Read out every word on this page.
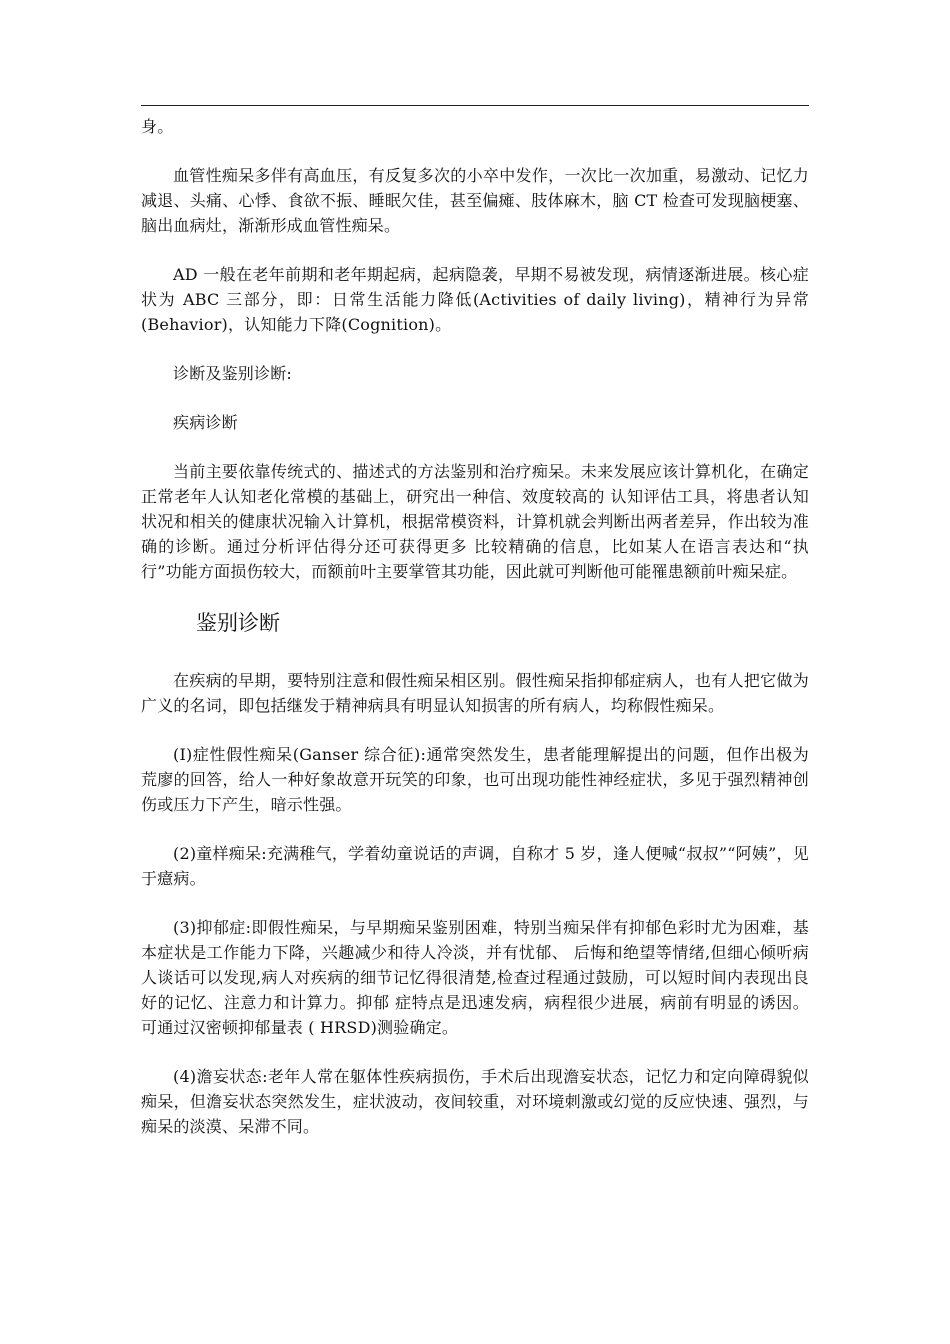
身。

血管性痴呆多伴有高血压，有反复多次的小卒中发作，一次比一次加重，易激动、记忆力减退、头痛、心悸、食欲不振、睡眠欠佳，甚至偏瘫、肢体麻木，脑 CT 检查可发现脑梗塞、脑出血病灶，渐渐形成血管性痴呆。

AD 一般在老年前期和老年期起病，起病隐袭，早期不易被发现，病情逐渐进展。核心症状为 ABC 三部分，即：日常生活能力降低(Activities of daily living)，精神行为异常(Behavior)，认知能力下降(Cognition)。

诊断及鉴别诊断:

疾病诊断

当前主要依靠传统式的、描述式的方法鉴别和治疗痴呆。未来发展应该计算机化，在确定正常老年人认知老化常模的基础上，研究出一种信、效度较高的 认知评估工具，将患者认知状况和相关的健康状况输入计算机，根据常模资料，计算机就会判断出两者差异，作出较为准确的诊断。通过分析评估得分还可获得更多 比较精确的信息，比如某人在语言表达和“执行”功能方面损伤较大，而额前叶主要掌管其功能，因此就可判断他可能罹患额前叶痴呆症。

鉴别诊断

在疾病的早期，要特别注意和假性痴呆相区别。假性痴呆指抑郁症病人，也有人把它做为广义的名词，即包括继发于精神病具有明显认知损害的所有病人，均称假性痴呆。

(I)症性假性痴呆(Ganser 综合征):通常突然发生，患者能理解提出的问题，但作出极为荒廖的回答，给人一种好象故意开玩笑的印象，也可出现功能性神经症状，多见于强烈精神创伤或压力下产生，暗示性强。

(2)童样痴呆:充满稚气，学着幼童说话的声调，自称才 5 岁，逢人便喊“叔叔”“阿姨”，见于癔病。

(3)抑郁症:即假性痴呆，与早期痴呆鉴别困难，特别当痴呆伴有抑郁色彩时尤为困难，基本症状是工作能力下降，兴趣减少和待人冷淡，并有忧郁、 后悔和绝望等情绪,但细心倾听病人谈话可以发现,病人对疾病的细节记忆得很清楚,检查过程通过鼓励，可以短时间内表现出良好的记忆、注意力和计算力。抑郁 症特点是迅速发病，病程很少进展，病前有明显的诱因。可通过汉密顿抑郁量表 ( HRSD)测验确定。

(4)澹妄状态:老年人常在躯体性疾病损伤，手术后出现澹妄状态，记忆力和定向障碍貌似痴呆，但澹妄状态突然发生，症状波动，夜间较重，对环境刺激或幻觉的反应快速、强烈，与痴呆的淡漠、呆滞不同。
